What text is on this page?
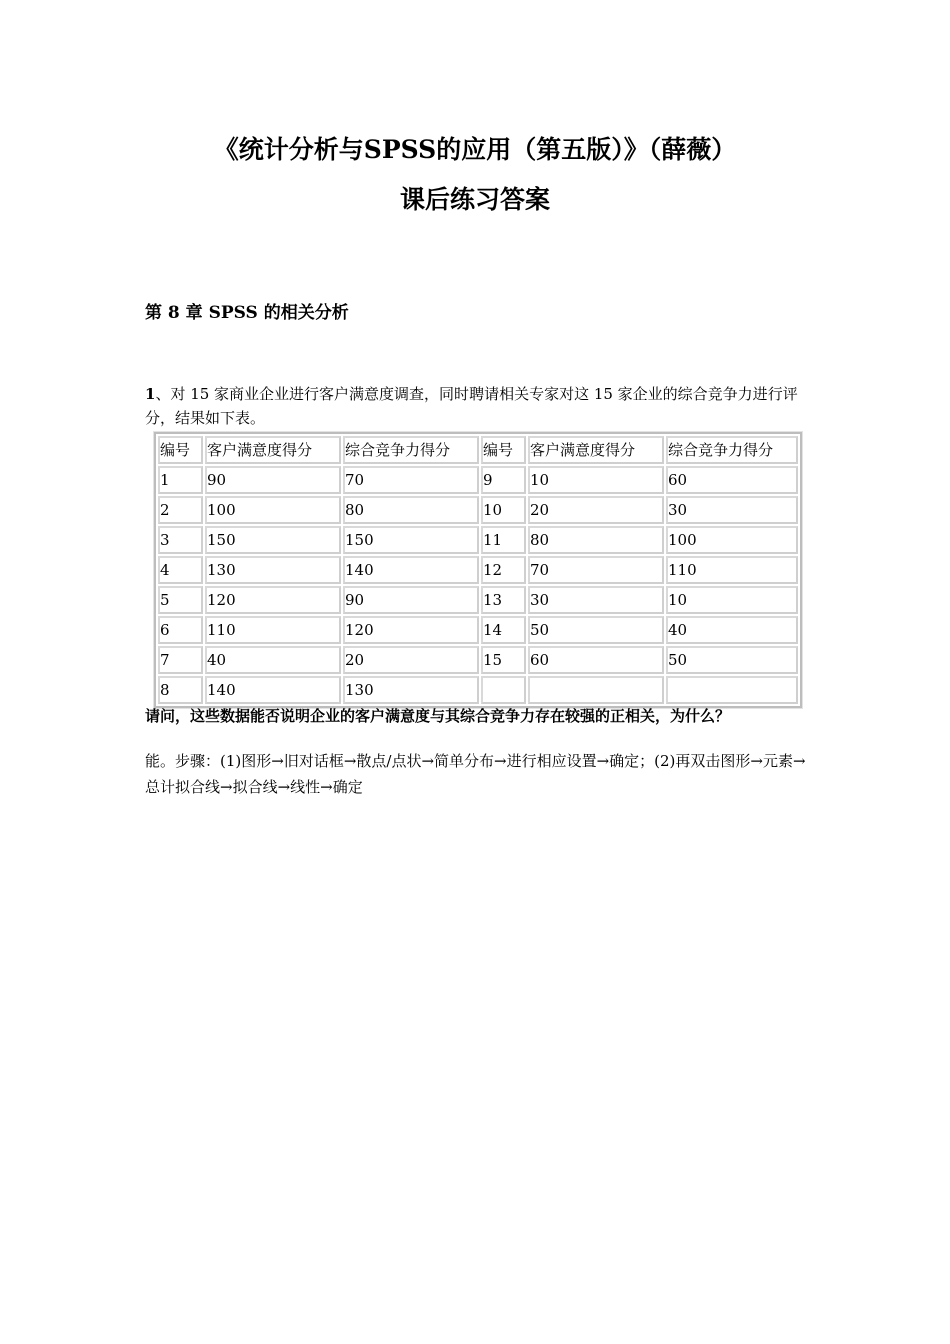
《统计分析与SPSS的应用（第五版）》（薛薇）
课后练习答案
第 8 章 SPSS 的相关分析

1、对 15 家商业企业进行客户满意度调查，同时聘请相关专家对这 15 家企业的综合竞争力进行评分，结果如下表。

编号	客户满意度得分	综合竞争力得分	编号	客户满意度得分	综合竞争力得分
1	90	70	9	10	60
2	100	80	10	20	30
3	150	150	11	80	100
4	130	140	12	70	110
5	120	90	13	30	10
6	110	120	14	50	40
7	40	20	15	60	50
8	140	130			

请问，这些数据能否说明企业的客户满意度与其综合竞争力存在较强的正相关，为什么？

能。步骤：(1)图形→旧对话框→散点/点状→简单分布→进行相应设置→确定；(2)再双击图形→元素→总计拟合线→拟合线→线性→确定
